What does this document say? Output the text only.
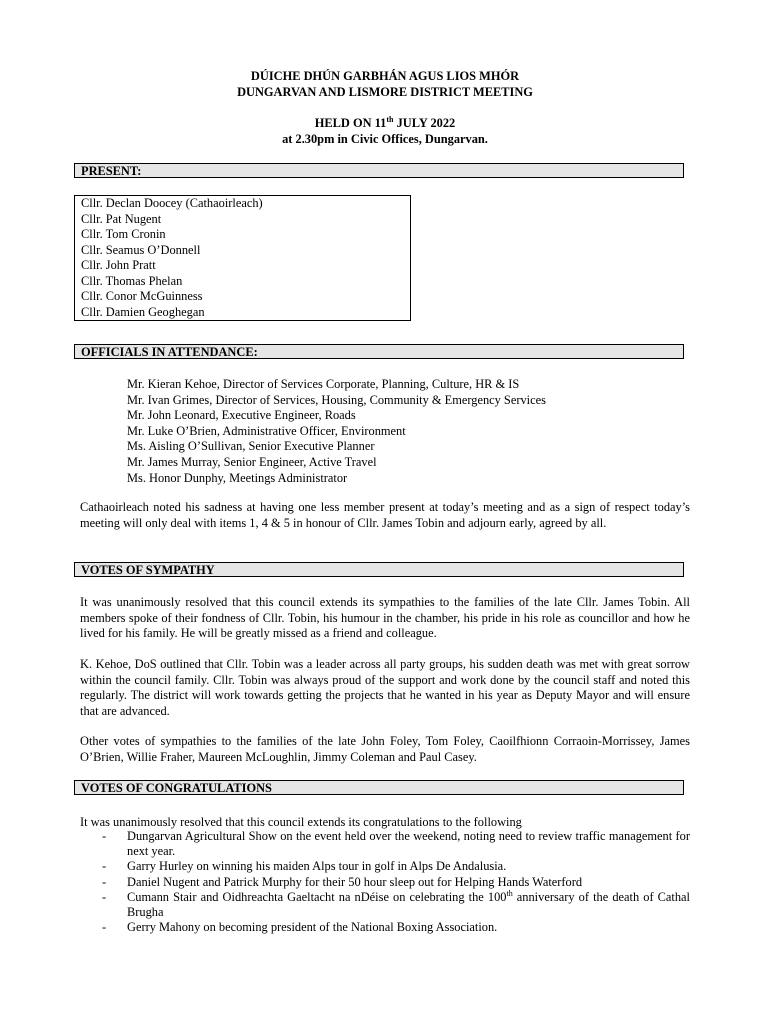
DÚICHE DHÚN GARBHÁN AGUS LIOS MHÓR
DUNGARVAN AND LISMORE DISTRICT MEETING
HELD ON 11th JULY 2022
at 2.30pm in Civic Offices, Dungarvan.
PRESENT:
Cllr. Declan Doocey (Cathaoirleach)
Cllr. Pat Nugent
Cllr. Tom Cronin
Cllr. Seamus O’Donnell
Cllr. John Pratt
Cllr. Thomas Phelan
Cllr. Conor McGuinness
Cllr. Damien Geoghegan
OFFICIALS IN ATTENDANCE:
Mr. Kieran Kehoe, Director of Services Corporate, Planning, Culture, HR & IS
Mr. Ivan Grimes, Director of Services, Housing, Community & Emergency Services
Mr. John Leonard, Executive Engineer, Roads
Mr. Luke O’Brien, Administrative Officer, Environment
Ms. Aisling O’Sullivan, Senior Executive Planner
Mr. James Murray, Senior Engineer, Active Travel
Ms. Honor Dunphy, Meetings Administrator

Cathaoirleach noted his sadness at having one less member present at today’s meeting and as a sign of respect today’s meeting will only deal with items 1, 4 & 5 in honour of Cllr. James Tobin and adjourn early, agreed by all.

VOTES OF SYMPATHY

It was unanimously resolved that this council extends its sympathies to the families of the late Cllr. James Tobin. All members spoke of their fondness of Cllr. Tobin, his humour in the chamber, his pride in his role as councillor and how he lived for his family. He will be greatly missed as a friend and colleague.

K. Kehoe, DoS outlined that Cllr. Tobin was a leader across all party groups, his sudden death was met with great sorrow within the council family. Cllr. Tobin was always proud of the support and work done by the council staff and noted this regularly. The district will work towards getting the projects that he wanted in his year as Deputy Mayor and will ensure that are advanced.

Other votes of sympathies to the families of the late John Foley, Tom Foley, Caoilfhionn Corraoin-Morrissey, James O’Brien, Willie Fraher, Maureen McLoughlin, Jimmy Coleman and Paul Casey.

VOTES OF CONGRATULATIONS

It was unanimously resolved that this council extends its congratulations to the following

- Dungarvan Agricultural Show on the event held over the weekend, noting need to review traffic management for next year.
- Garry Hurley on winning his maiden Alps tour in golf in Alps De Andalusia.
- Daniel Nugent and Patrick Murphy for their 50 hour sleep out for Helping Hands Waterford
- Cumann Stair and Oidhreachta Gaeltacht na nDéise on celebrating the 100th anniversary of the death of Cathal Brugha
- Gerry Mahony on becoming president of the National Boxing Association.
